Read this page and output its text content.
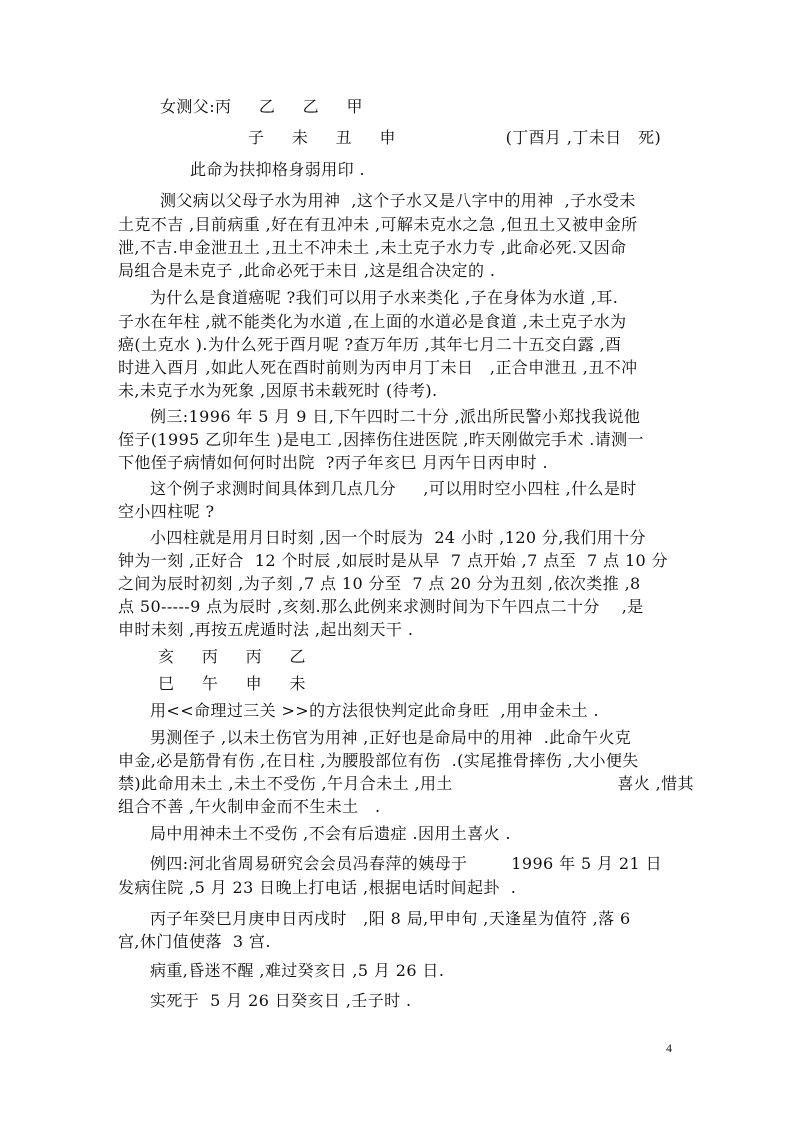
女测父:丙     乙     乙     甲
子     未     丑     申                    (丁酉月 ,丁未日   死)
此命为扶抑格身弱用印 .
测父病以父母子水为用神  ,这个子水又是八字中的用神  ,子水受未
土克不吉 ,目前病重 ,好在有丑冲未 ,可解未克水之急 ,但丑土又被申金所
泄,不吉.申金泄丑土 ,丑土不冲未土 ,未土克子水力专 ,此命必死.又因命
局组合是未克子 ,此命必死于未日 ,这是组合决定的 .
为什么是食道癌呢 ?我们可以用子水来类化 ,子在身体为水道 ,耳.
子水在年柱 ,就不能类化为水道 ,在上面的水道必是食道 ,未土克子水为
癌(土克水 ).为什么死于酉月呢 ?查万年历 ,其年七月二十五交白露 ,酉
时进入酉月 ,如此人死在酉时前则为丙申月丁未日   ,正合申泄丑 ,丑不冲
未,未克子水为死象 ,因原书未载死时 (待考).
例三:1996 年 5 月 9 日,下午四时二十分 ,派出所民警小郑找我说他
侄子(1995 乙卯年生 )是电工 ,因摔伤住进医院 ,昨天刚做完手术 .请测一
下他侄子病情如何何时出院  ?丙子年亥巳 月丙午日丙申时 .
这个例子求测时间具体到几点几分     ,可以用时空小四柱 ,什么是时
空小四柱呢 ?
小四柱就是用月日时刻 ,因一个时辰为  24 小时 ,120 分,我们用十分
钟为一刻 ,正好合  12 个时辰 ,如辰时是从早  7 点开始 ,7 点至  7 点 10 分
之间为辰时初刻 ,为子刻 ,7 点 10 分至  7 点 20 分为丑刻 ,依次类推 ,8
点 50-----9 点为辰时 ,亥刻.那么此例来求测时间为下午四点二十分    ,是
申时未刻 ,再按五虎遁时法 ,起出刻天干 .
亥     丙     丙     乙
巳     午     申     未
用<<命理过三关 >>的方法很快判定此命身旺  ,用申金未土 .
男测侄子 ,以未土伤官为用神 ,正好也是命局中的用神  .此命午火克
申金,必是筋骨有伤 ,在日柱 ,为腰股部位有伤  .(实尾推骨摔伤 ,大小便失
禁)此命用未土 ,未土不受伤 ,午月合未土 ,用土                              喜火 ,惜其
组合不善 ,午火制申金而不生未土   .
局中用神未土不受伤 ,不会有后遗症 .因用土喜火 .
例四:河北省周易研究会会员冯春萍的姨母于        1996 年 5 月 21 日
发病住院 ,5 月 23 日晚上打电话 ,根据电话时间起卦  .
丙子年癸巳月庚申日丙戌时   ,阳 8 局,甲申旬 ,天逢星为值符 ,落 6
宫,休门值使落  3 宫.
病重,昏迷不醒 ,难过癸亥日 ,5 月 26 日.
实死于  5 月 26 日癸亥日 ,壬子时 .
4
